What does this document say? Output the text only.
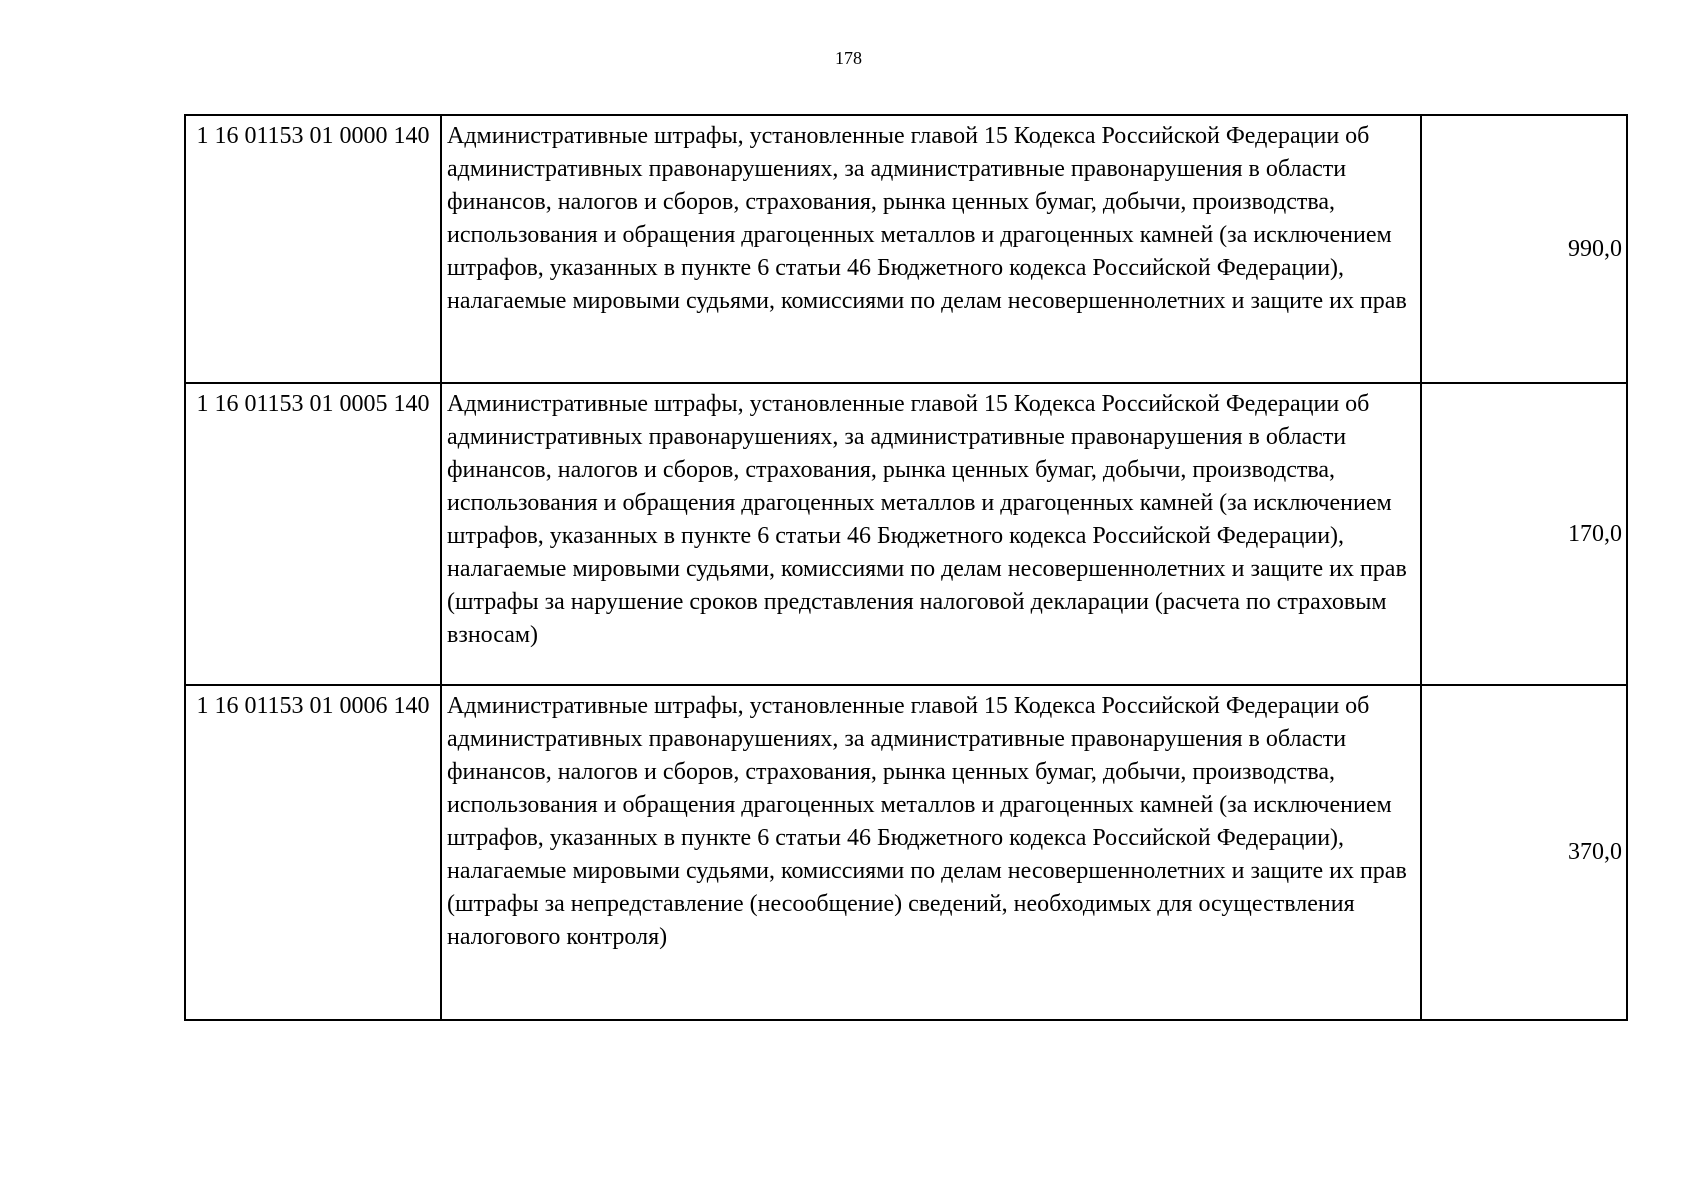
178
1 16 01153 01 0000 140	Административные штрафы, установленные главой 15 Кодекса Российской Федерации об административных правонарушениях, за административные правонарушения в области финансов, налогов и сборов, страхования, рынка ценных бумаг, добычи, производства, использования и обращения драгоценных металлов и драгоценных камней (за исключением штрафов, указанных в пункте 6 статьи 46 Бюджетного кодекса Российской Федерации), налагаемые мировыми судьями, комиссиями по делам несовершеннолетних и защите их прав	990,0
1 16 01153 01 0005 140	Административные штрафы, установленные главой 15 Кодекса Российской Федерации об административных правонарушениях, за административные правонарушения в области финансов, налогов и сборов, страхования, рынка ценных бумаг, добычи, производства, использования и обращения драгоценных металлов и драгоценных камней (за исключением штрафов, указанных в пункте 6 статьи 46 Бюджетного кодекса Российской Федерации), налагаемые мировыми судьями, комиссиями по делам несовершеннолетних и защите их прав (штрафы за нарушение сроков представления налоговой декларации (расчета по страховым взносам)	170,0
1 16 01153 01 0006 140	Административные штрафы, установленные главой 15 Кодекса Российской Федерации об административных правонарушениях, за административные правонарушения в области финансов, налогов и сборов, страхования, рынка ценных бумаг, добычи, производства, использования и обращения драгоценных металлов и драгоценных камней (за исключением штрафов, указанных в пункте 6 статьи 46 Бюджетного кодекса Российской Федерации), налагаемые мировыми судьями, комиссиями по делам несовершеннолетних и защите их прав (штрафы за непредставление (несообщение) сведений, необходимых для осуществления налогового контроля)	370,0
